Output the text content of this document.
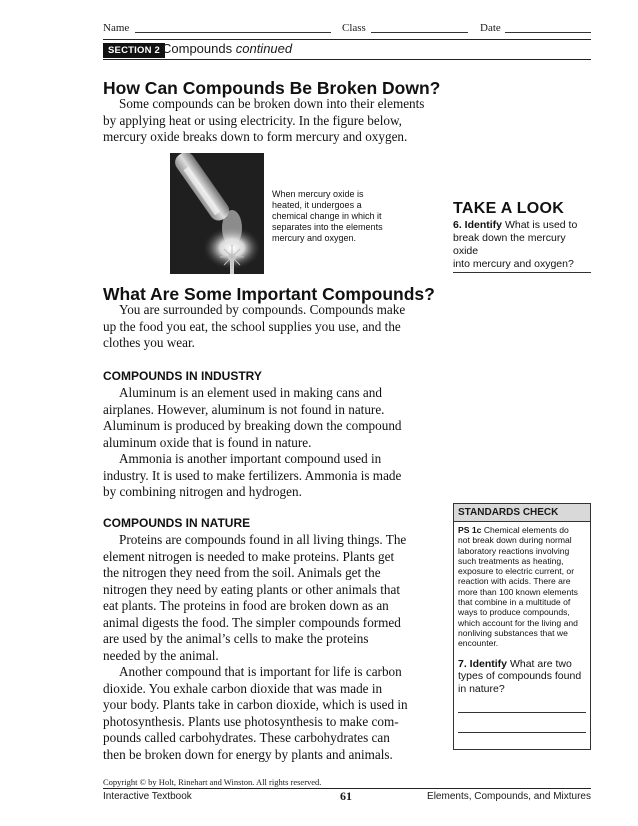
Name	Class	Date
SECTION 2 Compounds continued
How Can Compounds Be Broken Down?
Some compounds can be broken down into their elements
by applying heat or using electricity. In the figure below,
mercury oxide breaks down to form mercury and oxygen.
When mercury oxide is
heated, it undergoes a
chemical change in which it
separates into the elements
mercury and oxygen.
TAKE A LOOK
6. Identify What is used to
break down the mercury oxide
into mercury and oxygen?
What Are Some Important Compounds?
You are surrounded by compounds. Compounds make
up the food you eat, the school supplies you use, and the
clothes you wear.
COMPOUNDS IN INDUSTRY
Aluminum is an element used in making cans and
airplanes. However, aluminum is not found in nature.
Aluminum is produced by breaking down the compound
aluminum oxide that is found in nature.
Ammonia is another important compound used in
industry. It is used to make fertilizers. Ammonia is made
by combining nitrogen and hydrogen.
COMPOUNDS IN NATURE
Proteins are compounds found in all living things. The
element nitrogen is needed to make proteins. Plants get
the nitrogen they need from the soil. Animals get the
nitrogen they need by eating plants or other animals that
eat plants. The proteins in food are broken down as an
animal digests the food. The simpler compounds formed
are used by the animal’s cells to make the proteins
needed by the animal.
Another compound that is important for life is carbon
dioxide. You exhale carbon dioxide that was made in
your body. Plants take in carbon dioxide, which is used in
photosynthesis. Plants use photosynthesis to make com-
pounds called carbohydrates. These carbohydrates can
then be broken down for energy by plants and animals.
STANDARDS CHECK
PS 1c Chemical elements do
not break down during normal
laboratory reactions involving
such treatments as heating,
exposure to electric current, or
reaction with acids. There are
more than 100 known elements
that combine in a multitude of
ways to produce compounds,
which account for the living and
nonliving substances that we
encounter.
7. Identify What are two
types of compounds found
in nature?
Copyright © by Holt, Rinehart and Winston. All rights reserved.
Interactive Textbook	61	Elements, Compounds, and Mixtures
